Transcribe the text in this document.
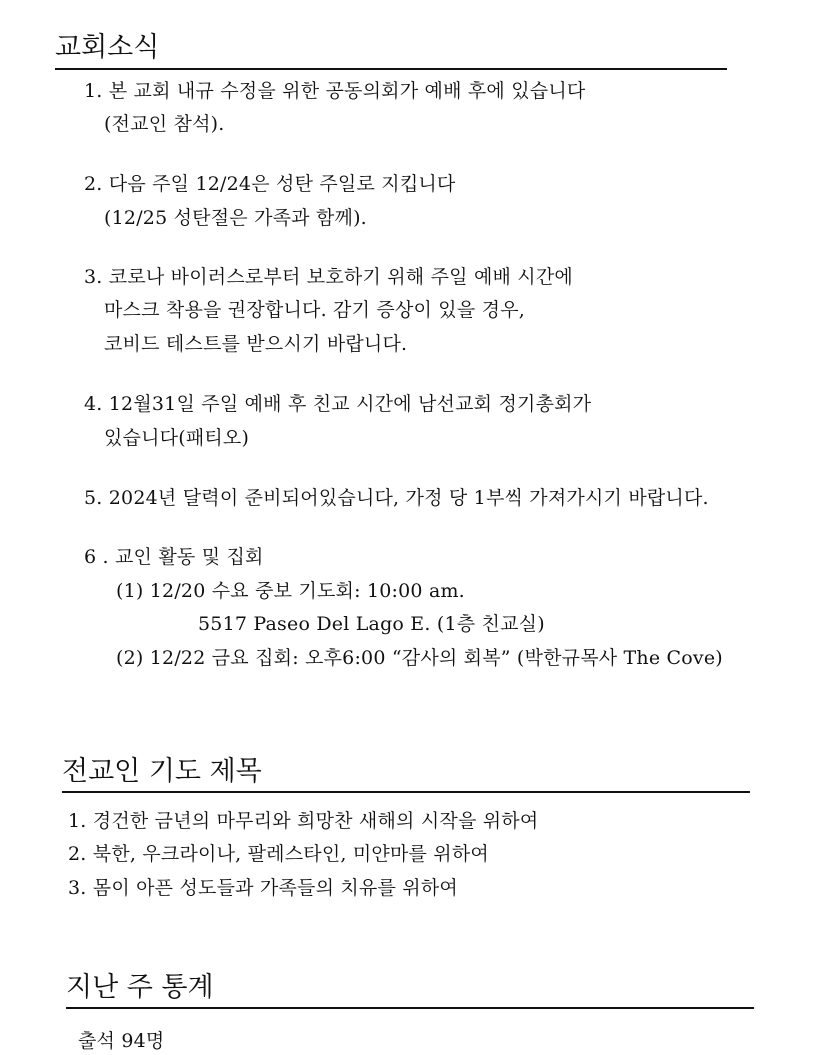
교회소식
1. 본 교회 내규 수정을 위한 공동의회가 예배 후에 있습니다
(전교인 참석).
2. 다음 주일 12/24은 성탄 주일로 지킵니다
(12/25 성탄절은 가족과 함께).
3. 코로나 바이러스로부터 보호하기 위해 주일 예배 시간에
마스크 착용을 권장합니다. 감기 증상이 있을 경우,
코비드 테스트를 받으시기 바랍니다.
4. 12월31일 주일 예배 후 친교 시간에 남선교회 정기총회가
있습니다(패티오)
5. 2024년 달력이 준비되어있습니다, 가정 당 1부씩 가져가시기 바랍니다.
6 . 교인 활동 및 집회
(1) 12/20 수요 중보 기도회: 10:00 am.
5517 Paseo Del Lago E. (1층 친교실)
(2) 12/22 금요 집회: 오후6:00 “감사의 회복” (박한규목사 The Cove)
전교인 기도 제목
1. 경건한 금년의 마무리와 희망찬 새해의 시작을 위하여
2. 북한, 우크라이나, 팔레스타인, 미얀마를 위하여
3. 몸이 아픈 성도들과 가족들의 치유를 위하여
지난 주 통계
출석 94명
